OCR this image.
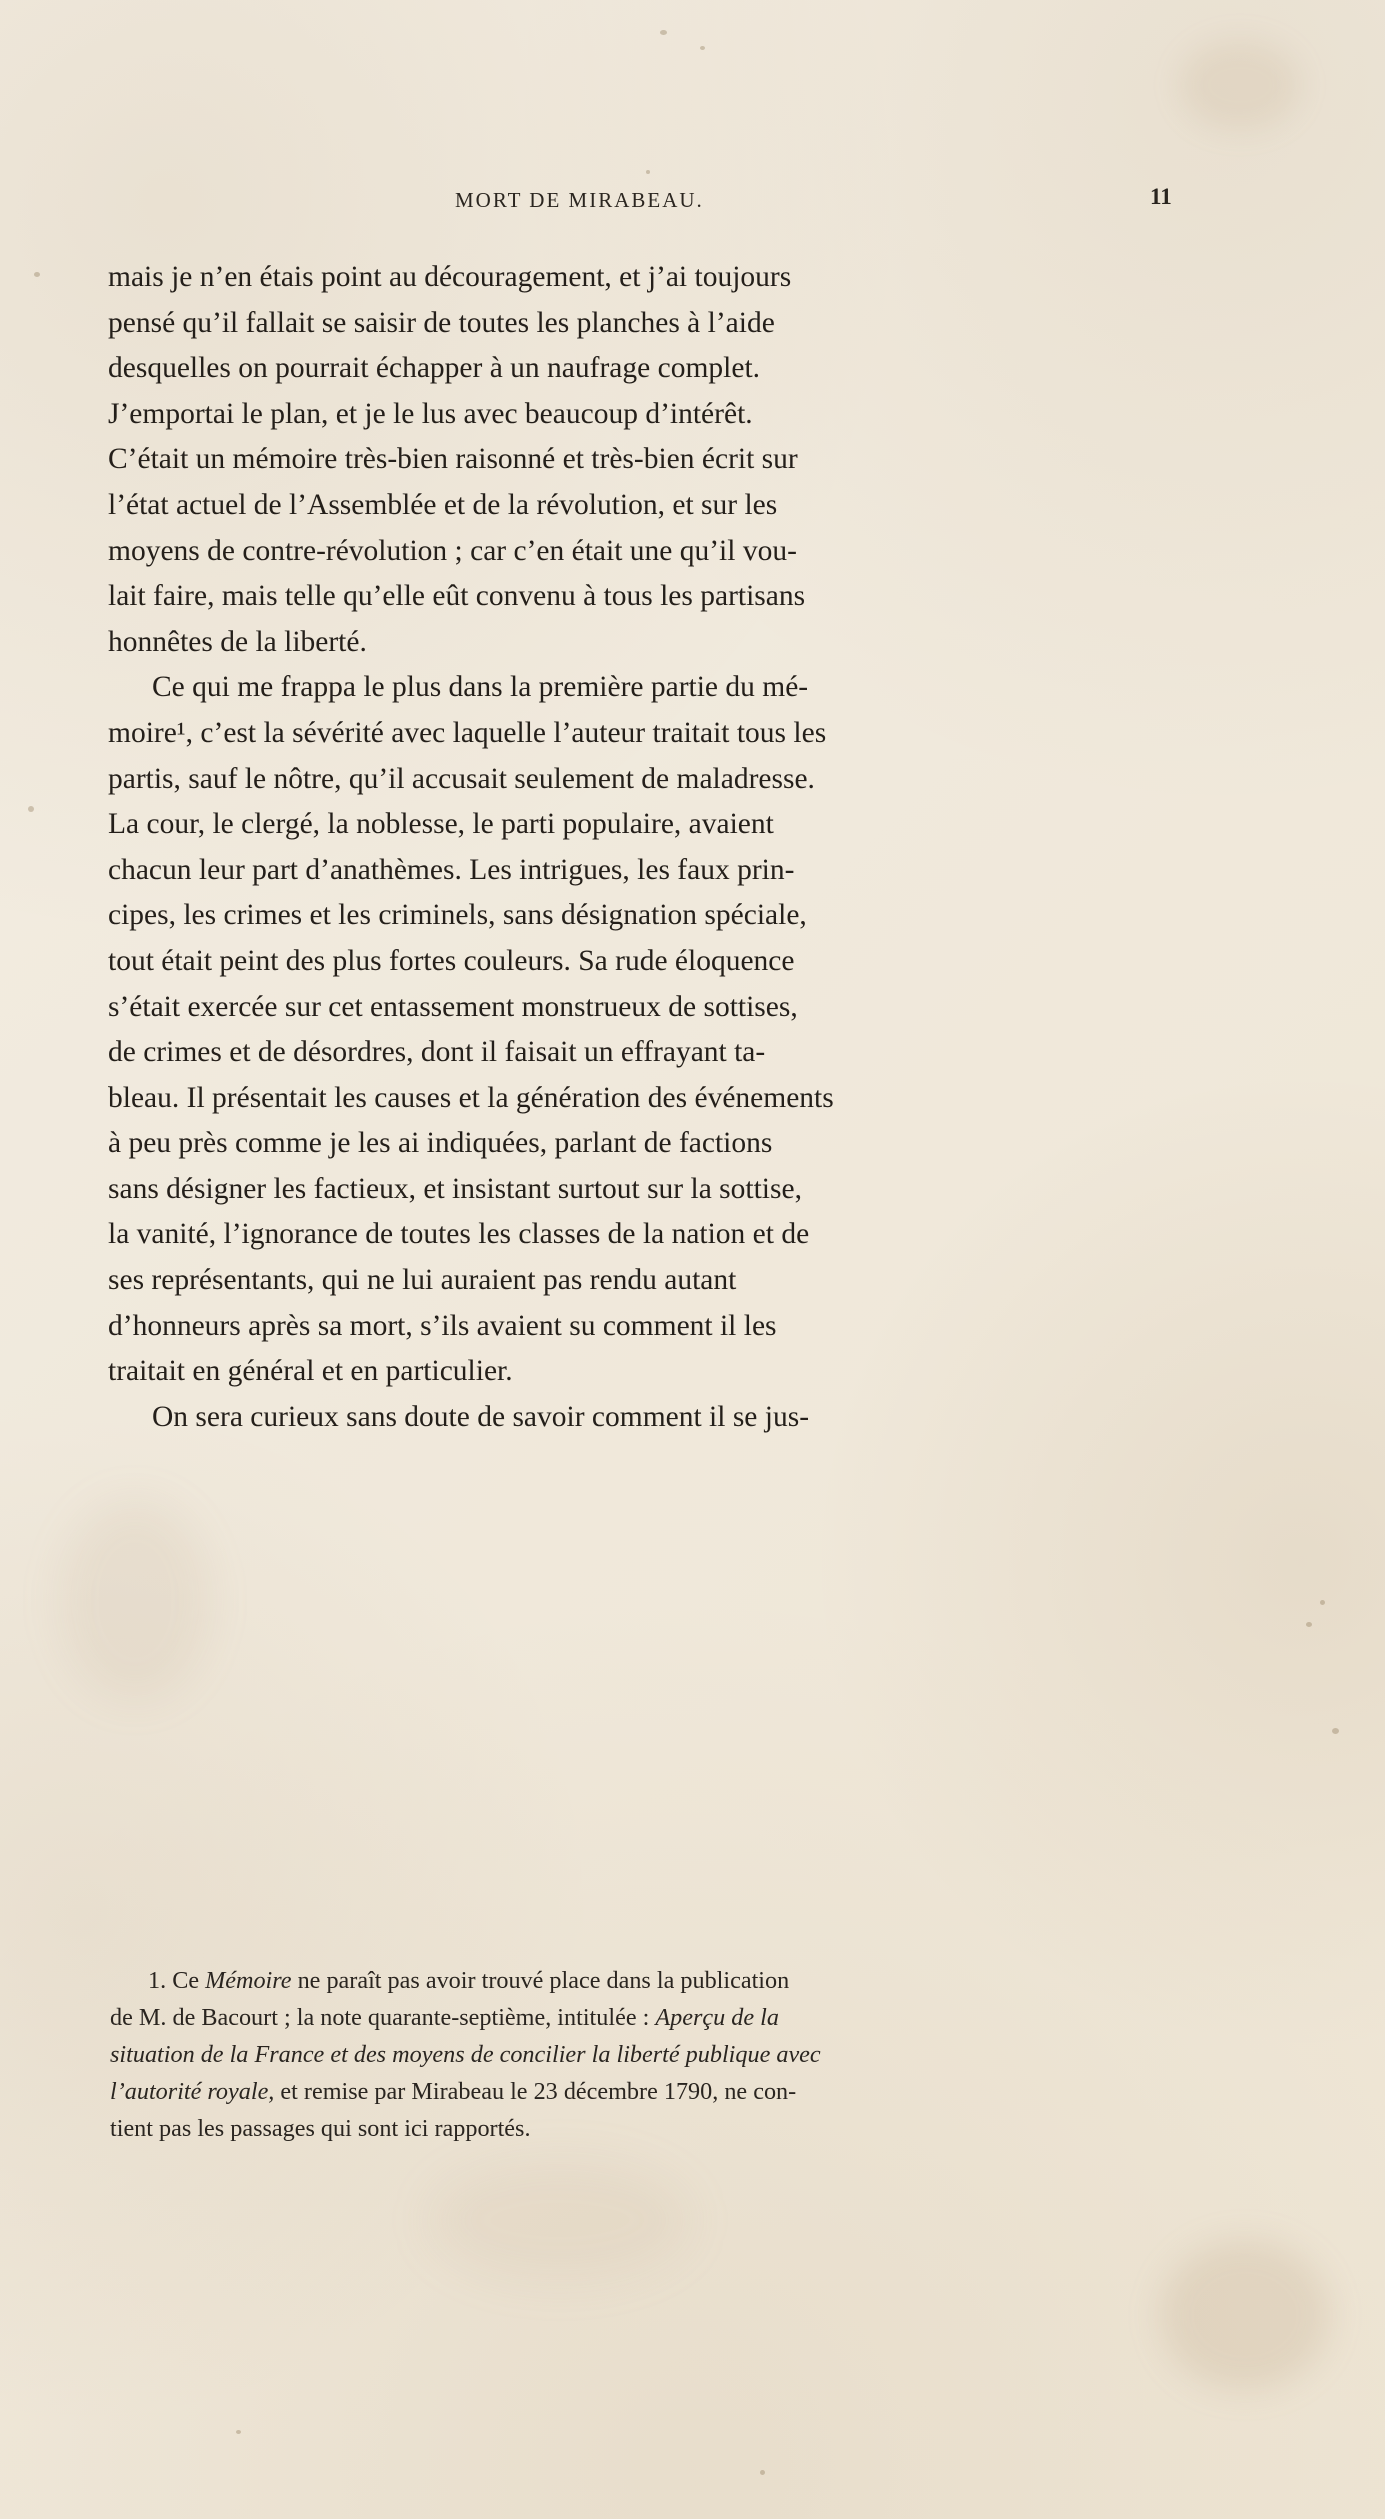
MORT DE MIRABEAU.	11

mais je n’en étais point au découragement, et j’ai toujours
pensé qu’il fallait se saisir de toutes les planches à l’aide
desquelles on pourrait échapper à un naufrage complet.
J’emportai le plan, et je le lus avec beaucoup d’intérêt.
C’était un mémoire très-bien raisonné et très-bien écrit sur
l’état actuel de l’Assemblée et de la révolution, et sur les
moyens de contre-révolution ; car c’en était une qu’il vou-
lait faire, mais telle qu’elle eût convenu à tous les partisans
honnêtes de la liberté.

Ce qui me frappa le plus dans la première partie du mé-
moire¹, c’est la sévérité avec laquelle l’auteur traitait tous les
partis, sauf le nôtre, qu’il accusait seulement de maladresse.
La cour, le clergé, la noblesse, le parti populaire, avaient
chacun leur part d’anathèmes. Les intrigues, les faux prin-
cipes, les crimes et les criminels, sans désignation spéciale,
tout était peint des plus fortes couleurs. Sa rude éloquence
s’était exercée sur cet entassement monstrueux de sottises,
de crimes et de désordres, dont il faisait un effrayant ta-
bleau. Il présentait les causes et la génération des événements
à peu près comme je les ai indiquées, parlant de factions
sans désigner les factieux, et insistant surtout sur la sottise,
la vanité, l’ignorance de toutes les classes de la nation et de
ses représentants, qui ne lui auraient pas rendu autant
d’honneurs après sa mort, s’ils avaient su comment il les
traitait en général et en particulier.

On sera curieux sans doute de savoir comment il se jus-

1. Ce Mémoire ne paraît pas avoir trouvé place dans la publication

de M. de Bacourt ; la note quarante-septième, intitulée : Aperçu de la

situation de la France et des moyens de concilier la liberté publique avec

l’autorité royale, et remise par Mirabeau le 23 décembre 1790, ne con-

tient pas les passages qui sont ici rapportés.
